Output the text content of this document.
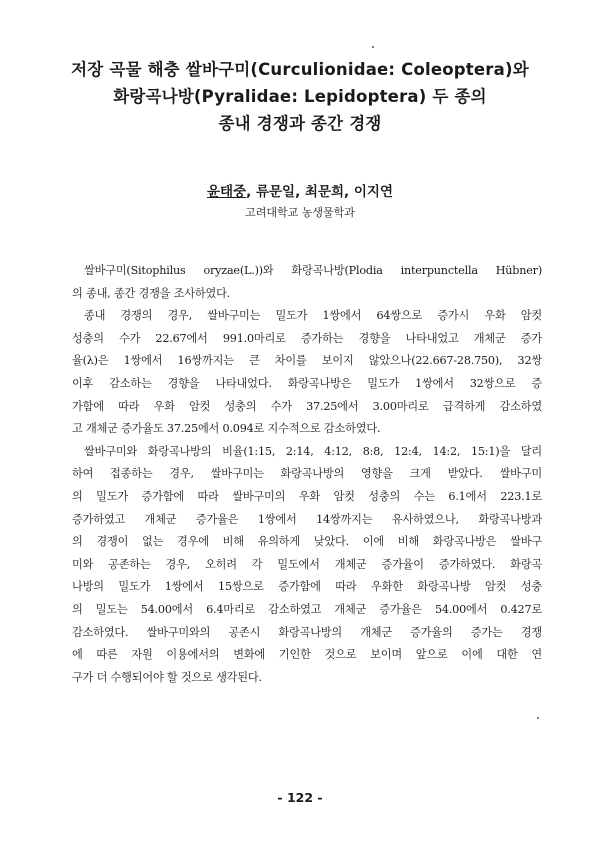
저장 곡물 해충 쌀바구미(Curculionidae: Coleoptera)와
화랑곡나방(Pyralidae: Lepidoptera) 두 종의
종내 경쟁과 종간 경쟁
윤태중, 류문일, 최문희, 이지연
고려대학교 농생물학과
쌀바구미(Sitophilus oryzae(L.))와 화랑곡나방(Plodia interpunctella Hübner)
의 종내, 종간 경쟁을 조사하였다.
종내 경쟁의 경우, 쌀바구미는 밀도가 1쌍에서 64쌍으로 증가시 우화 암컷
성충의 수가 22.67에서 991.0마리로 증가하는 경향을 나타내었고 개체군 증가
율(λ)은 1쌍에서 16쌍까지는 큰 차이를 보이지 않았으나(22.667-28.750), 32쌍
이후 감소하는 경향을 나타내었다. 화랑곡나방은 밀도가 1쌍에서 32쌍으로 증
가함에 따라 우화 암컷 성충의 수가 37.25에서 3.00마리로 급격하게 감소하였
고 개체군 증가율도 37.25에서 0.094로 지수적으로 감소하였다.
쌀바구미와 화랑곡나방의 비율(1:15, 2:14, 4:12, 8:8, 12:4, 14:2, 15:1)을 달리
하여 접종하는 경우, 쌀바구미는 화랑곡나방의 영향을 크게 받았다. 쌀바구미
의 밀도가 증가함에 따라 쌀바구미의 우화 암컷 성충의 수는 6.1에서 223.1로
증가하였고 개체군 증가율은 1쌍에서 14쌍까지는 유사하였으나, 화랑곡나방과
의 경쟁이 없는 경우에 비해 유의하게 낮았다. 이에 비해 화랑곡나방은 쌀바구
미와 공존하는 경우, 오히려 각 밀도에서 개체군 증가율이 증가하였다. 화랑곡
나방의 밀도가 1쌍에서 15쌍으로 증가함에 따라 우화한 화랑곡나방 암컷 성충
의 밀도는 54.00에서 6.4마리로 감소하였고 개체군 증가율은 54.00에서 0.427로
감소하였다. 쌀바구미와의 공존시 화랑곡나방의 개체군 증가율의 증가는 경쟁
에 따른 자원 이용에서의 변화에 기인한 것으로 보이며 앞으로 이에 대한 연
구가 더 수행되어야 할 것으로 생각된다.
- 122 -
